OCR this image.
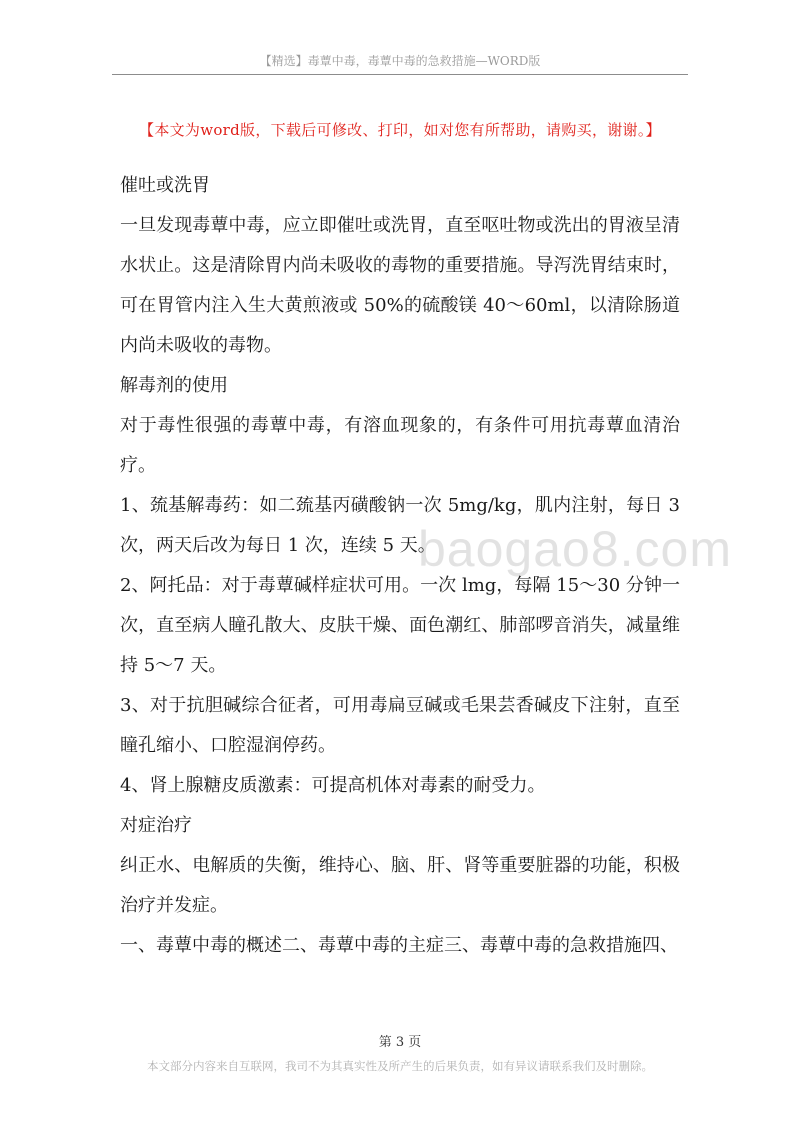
【精选】毒蕈中毒，毒蕈中毒的急救措施—WORD版
【本文为word版，下载后可修改、打印，如对您有所帮助，请购买，谢谢。】
baogao8.com

催吐或洗胃

一旦发现毒蕈中毒，应立即催吐或洗胃，直至呕吐物或洗出的胃液呈清水状止。这是清除胃内尚未吸收的毒物的重要措施。导泻洗胃结束时，可在胃管内注入生大黄煎液或 50%的硫酸镁 40～60ml，以清除肠道内尚未吸收的毒物。

解毒剂的使用

对于毒性很强的毒蕈中毒，有溶血现象的，有条件可用抗毒蕈血清治疗。

1、巯基解毒药：如二巯基丙磺酸钠一次 5mg/kg，肌内注射，每日 3 次，两天后改为每日 1 次，连续 5 天。

2、阿托品：对于毒蕈碱样症状可用。一次 lmg，每隔 15～30 分钟一次，直至病人瞳孔散大、皮肤干燥、面色潮红、肺部啰音消失，减量维持 5～7 天。

3、对于抗胆碱综合征者，可用毒扁豆碱或毛果芸香碱皮下注射，直至瞳孔缩小、口腔湿润停药。

4、肾上腺糖皮质激素：可提高机体对毒素的耐受力。

对症治疗

纠正水、电解质的失衡，维持心、脑、肝、肾等重要脏器的功能，积极治疗并发症。

一、毒蕈中毒的概述二、毒蕈中毒的主症三、毒蕈中毒的急救措施四、

第 3 页
本文部分内容来自互联网，我司不为其真实性及所产生的后果负责，如有异议请联系我们及时删除。
